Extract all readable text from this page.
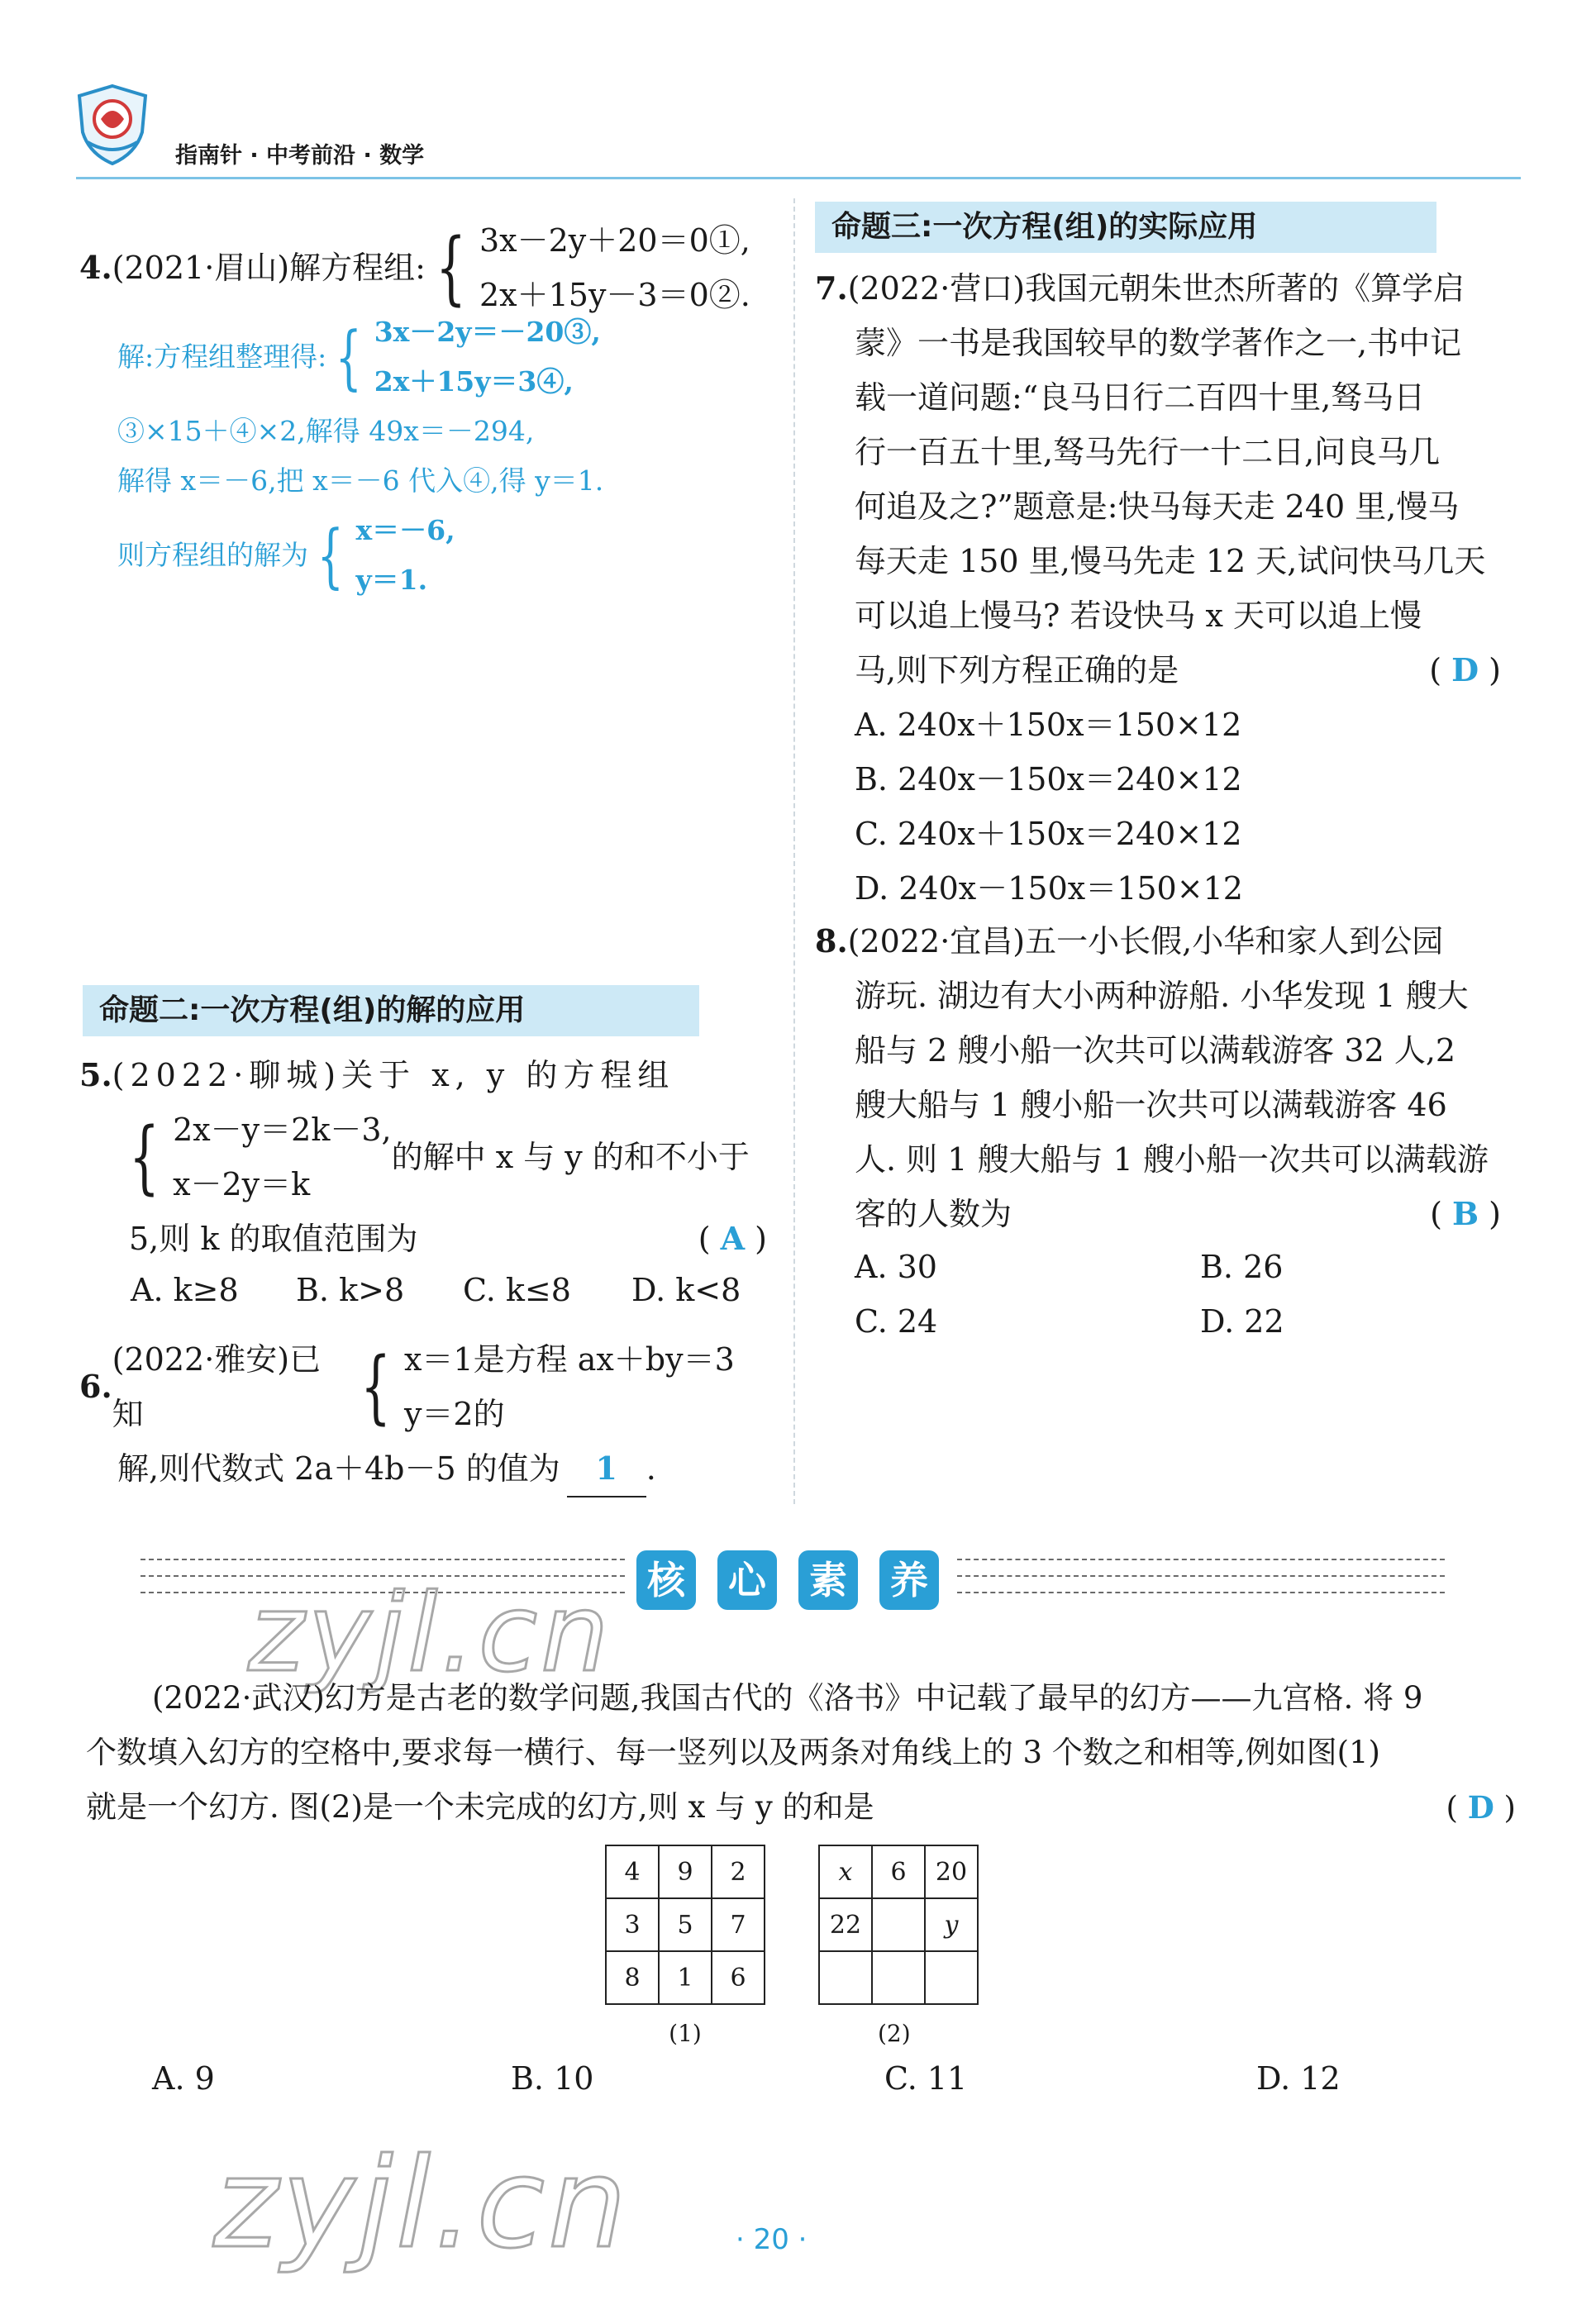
指南针 · 中考前沿 · 数学
4. (2021·眉山) 解方程组: { 3x－2y＋20＝0①,
2x＋15y－3＝0②.
解:方程组整理得: { 3x－2y＝－20③,
2x＋15y＝3④,
③×15＋④×2,解得 49x＝－294,
解得 x＝－6,把 x＝－6 代入④,得 y＝1.
则方程组的解为 { x＝－6,
y＝1.
命题二:一次方程(组)的解的应用
5. (2022·聊城)关于 x, y 的方程组
{ 2x－y＝2k－3,
x－2y＝k
的解中 x 与 y 的和不小于
5,则 k 的取值范围为	( A )
A. k≥8 B. k>8 C. k≤8 D. k<8
6.
(2022·雅安)已知	{ x＝1
y＝2
是方程 ax＋by＝3 的
解,则代数式 2a＋4b－5 的值为	1 .
命题三:一次方程(组)的实际应用
7. (2022·营口)我国元朝朱世杰所著的《算学启
蒙》一书是我国较早的数学著作之一,书中记
载一道问题:“良马日行二百四十里,驽马日
行一百五十里,驽马先行一十二日,问良马几
何追及之?”题意是:快马每天走 240 里,慢马
每天走 150 里,慢马先走 12 天,试问快马几天
可以追上慢马? 若设快马 x 天可以追上慢
马,则下列方程正确的是	( D )
A. 240x＋150x＝150×12
B. 240x－150x＝240×12
C. 240x＋150x＝240×12
D. 240x－150x＝150×12
8. (2022·宜昌)五一小长假,小华和家人到公园
游玩. 湖边有大小两种游船. 小华发现 1 艘大
船与 2 艘小船一次共可以满载游客 32 人,2
艘大船与 1 艘小船一次共可以满载游客 46
人. 则 1 艘大船与 1 艘小船一次共可以满载游
客的人数为	( B )
A. 30	B. 26
C. 24	D. 22
核 心 素 养
zyjl.cn
(2022·武汉)幻方是古老的数学问题,我国古代的《洛书》中记载了最早的幻方——九宫格. 将 9
个数填入幻方的空格中,要求每一横行、每一竖列以及两条对角线上的 3 个数之和相等,例如图(1)
就是一个幻方. 图(2)是一个未完成的幻方,则 x 与 y 的和是	( D )
4	9	2
3	5	7
8	1	6
(1)
x	6	20
22		y

(2)
A. 9	B. 10	C. 11	D. 12
zyjl.cn	· 20 ·
